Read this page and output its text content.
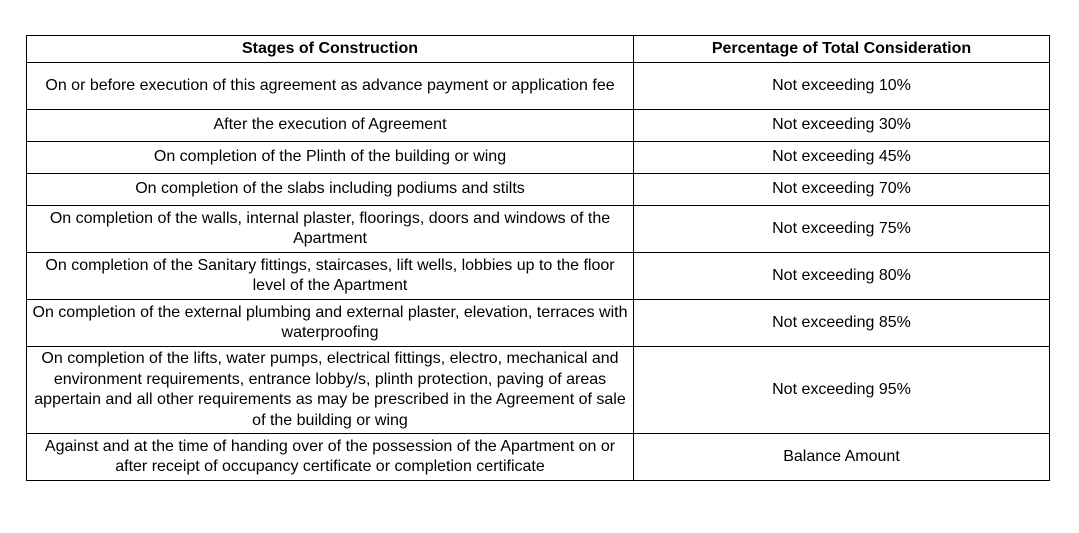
Stages of Construction	Percentage of Total Consideration
On or before execution of this agreement as advance payment or application fee	Not exceeding 10%
After the execution of Agreement	Not exceeding 30%
On completion of the Plinth of the building or wing	Not exceeding 45%
On completion of the slabs including podiums and stilts	Not exceeding 70%
On completion of the walls, internal plaster, floorings, doors and windows of the Apartment	Not exceeding 75%
On completion of the Sanitary fittings, staircases, lift wells, lobbies up to the floor level of the Apartment	Not exceeding 80%
On completion of the external plumbing and external plaster, elevation, terraces with waterproofing	Not exceeding 85%
On completion of the lifts, water pumps, electrical fittings, electro, mechanical and environment requirements, entrance lobby/s, plinth protection, paving of areas appertain and all other requirements as may be prescribed in the Agreement of sale of the building or wing	Not exceeding 95%
Against and at the time of handing over of the possession of the Apartment on or after receipt of occupancy certificate or completion certificate	Balance Amount
